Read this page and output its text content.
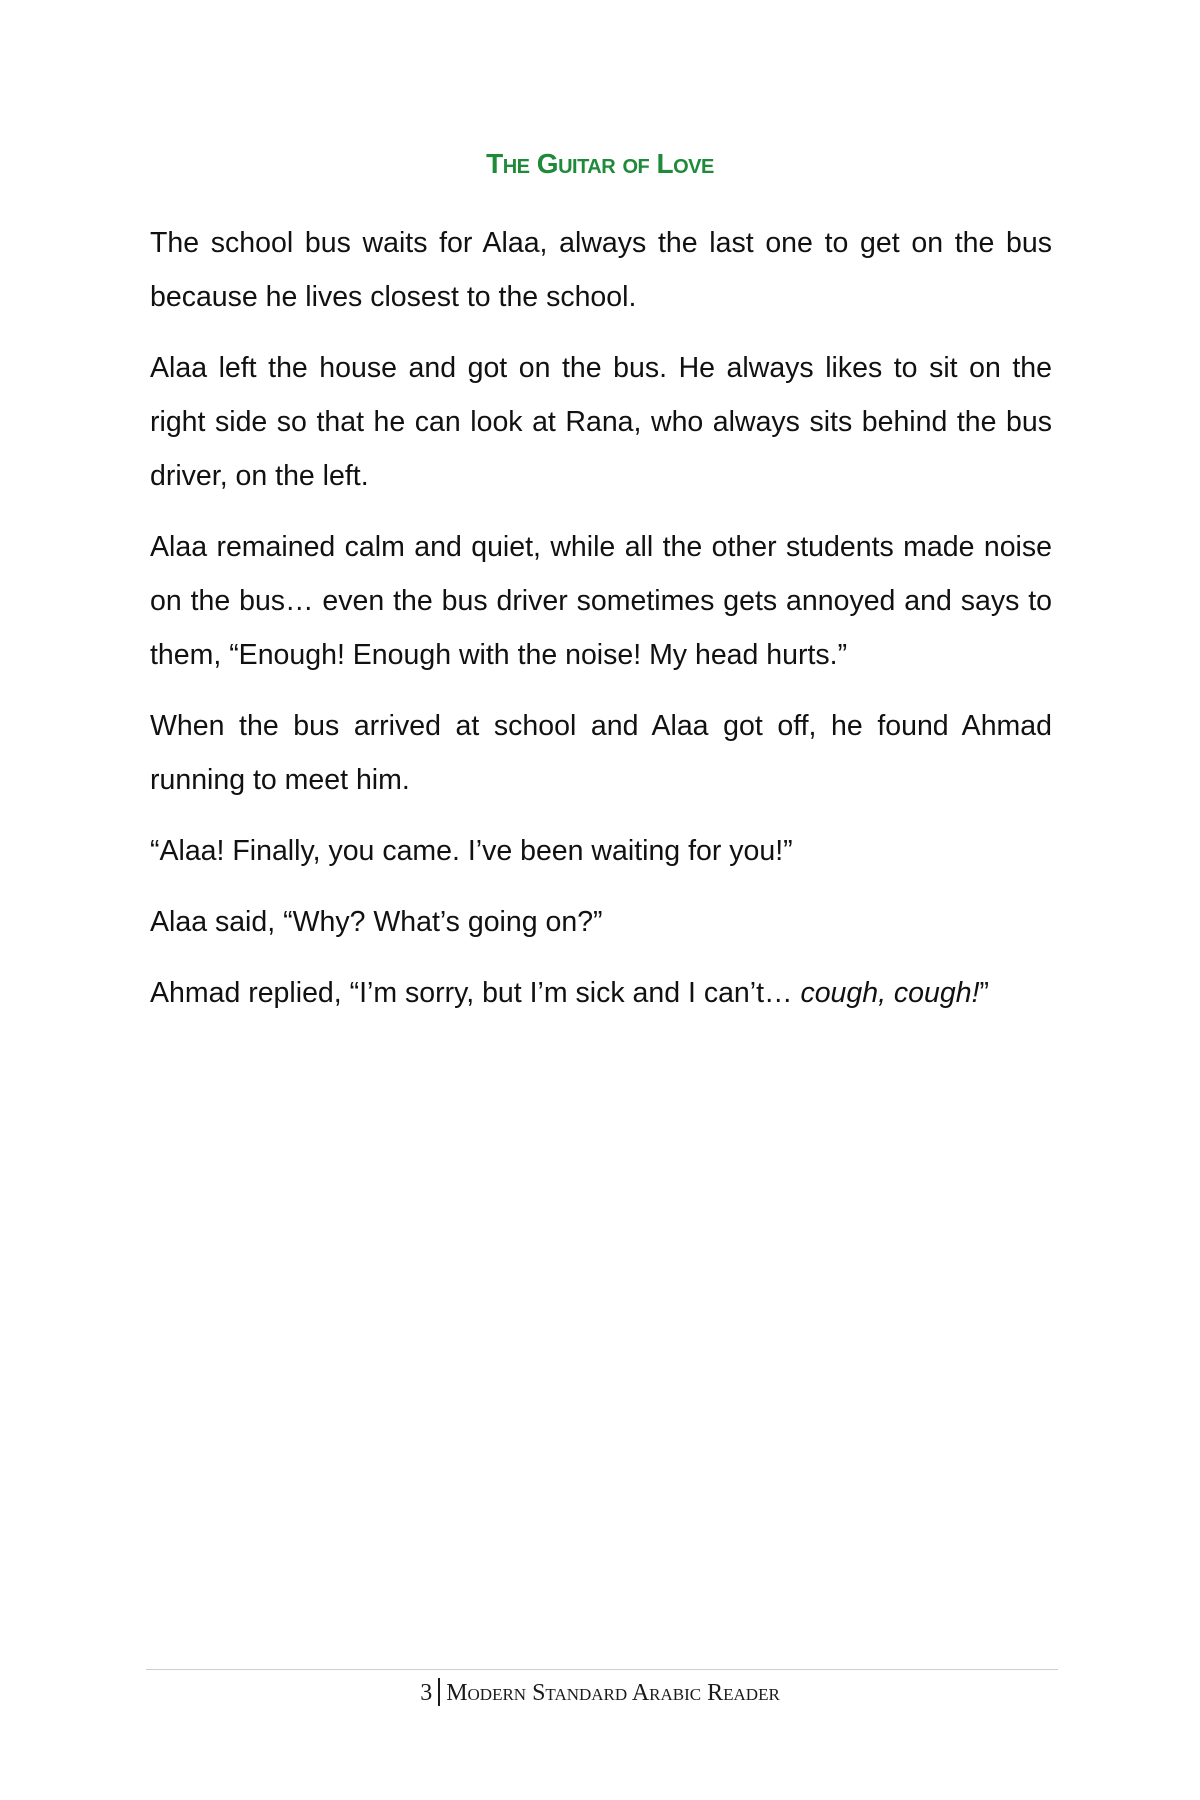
The Guitar of Love

The school bus waits for Alaa, always the last one to get on the bus because he lives closest to the school.

Alaa left the house and got on the bus. He always likes to sit on the right side so that he can look at Rana, who always sits behind the bus driver, on the left.

Alaa remained calm and quiet, while all the other students made noise on the bus… even the bus driver sometimes gets annoyed and says to them, “Enough! Enough with the noise! My head hurts.”

When the bus arrived at school and Alaa got off, he found Ahmad running to meet him.

“Alaa! Finally, you came. I’ve been waiting for you!”

Alaa said, “Why? What’s going on?”

Ahmad replied, “I’m sorry, but I’m sick and I can’t… cough, cough!”

3 Modern Standard Arabic Reader
